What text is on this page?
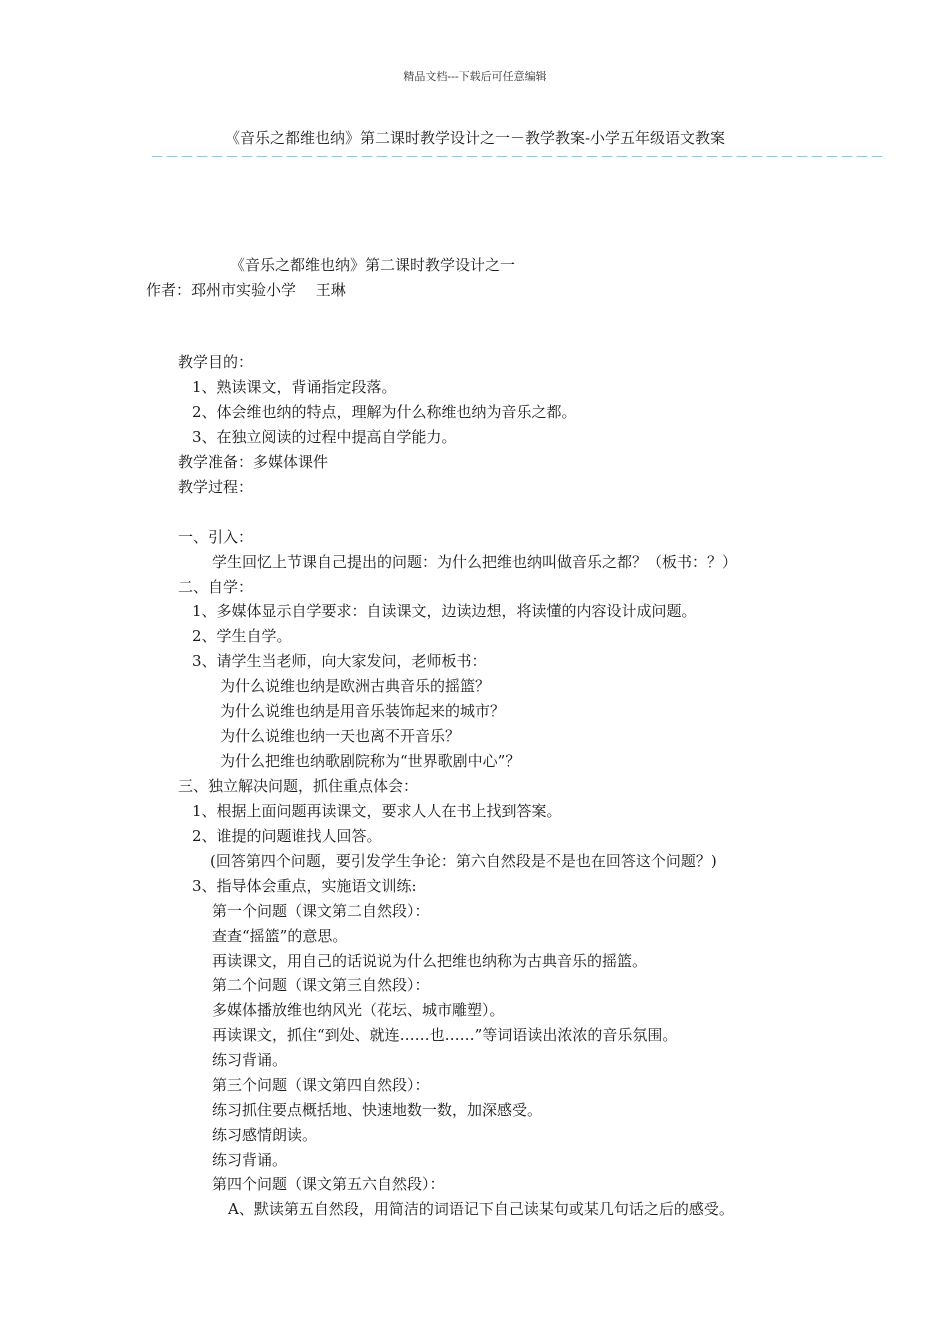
精品文档---下载后可任意编辑
《音乐之都维也纳》第二课时教学设计之一－教学教案-小学五年级语文教案
－－－－－－－－－－－－－－－－－－－－－－－－－－－－－－－－－－－－－－－－－－－－－－－－－
《音乐之都维也纳》第二课时教学设计之一
作者：邳州市实验小学　 王琳
教学目的：
1、熟读课文，背诵指定段落。
2、体会维也纳的特点，理解为什么称维也纳为音乐之都。
3、在独立阅读的过程中提高自学能力。
教学准备：多媒体课件
教学过程：
一、引入：
学生回忆上节课自己提出的问题：为什么把维也纳叫做音乐之都？（板书：？）
二、自学：
1、多媒体显示自学要求：自读课文，边读边想，将读懂的内容设计成问题。
2、学生自学。
3、请学生当老师，向大家发问，老师板书：
为什么说维也纳是欧洲古典音乐的摇篮？
为什么说维也纳是用音乐装饰起来的城市？
为什么说维也纳一天也离不开音乐？
为什么把维也纳歌剧院称为“世界歌剧中心”？
三、独立解决问题，抓住重点体会：
1、根据上面问题再读课文，要求人人在书上找到答案。
2、谁提的问题谁找人回答。
(回答第四个问题，要引发学生争论：第六自然段是不是也在回答这个问题？)
3、指导体会重点，实施语文训练:
第一个问题（课文第二自然段）：
查查“摇篮”的意思。
再读课文，用自己的话说说为什么把维也纳称为古典音乐的摇篮。
第二个问题（课文第三自然段）：
多媒体播放维也纳风光（花坛、城市雕塑）。
再读课文，抓住“到处、就连……也……”等词语读出浓浓的音乐氛围。
练习背诵。
第三个问题（课文第四自然段）：
练习抓住要点概括地、快速地数一数，加深感受。
练习感情朗读。
练习背诵。
第四个问题（课文第五六自然段）：
A、默读第五自然段，用简洁的词语记下自己读某句或某几句话之后的感受。
